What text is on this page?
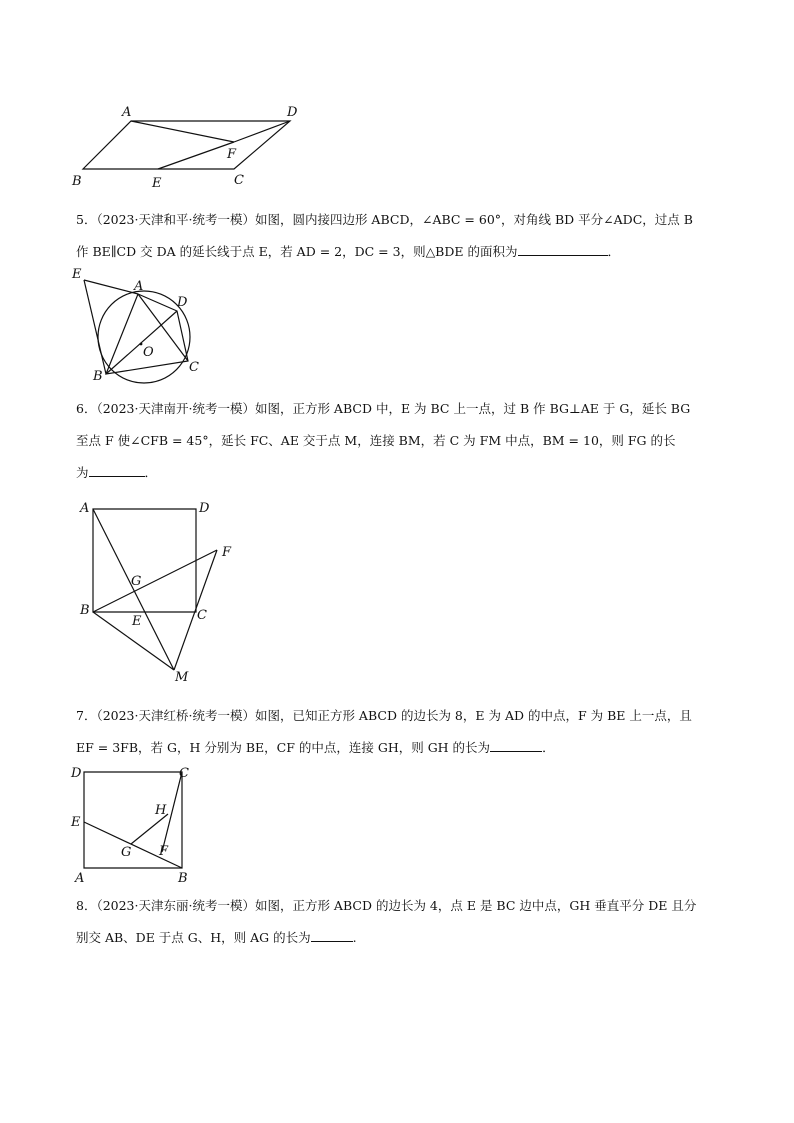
A	D
F
B	E	C

5．（2023·天津和平·统考一模）如图，圆内接四边形 ABCD，∠ABC = 60°，对角线 BD 平分∠ADC，过点 B

作 BE∥CD 交 DA 的延长线于点 E，若 AD = 2，DC = 3，则△BDE 的面积为	．

E
A
D
O
B
C

6．（2023·天津南开·统考一模）如图，正方形 ABCD 中，E 为 BC 上一点，过 B 作 BG⊥AE 于 G，延长 BG

至点 F 使∠CFB = 45°，延长 FC、AE 交于点 M，连接 BM，若 C 为 FM 中点，BM = 10，则 FG 的长

为	．

A	D
F
G
B
E	C
M

7．（2023·天津红桥·统考一模）如图，已知正方形 ABCD 的边长为 8，E 为 AD 的中点，F 为 BE 上一点，且

EF = 3FB，若 G，H 分别为 BE，CF 的中点，连接 GH，则 GH 的长为	．

D	C
H
E
G F
A	B

8．（2023·天津东丽·统考一模）如图，正方形 ABCD 的边长为 4，点 E 是 BC 边中点，GH 垂直平分 DE 且分

别交 AB、DE 于点 G、H，则 AG 的长为	.
